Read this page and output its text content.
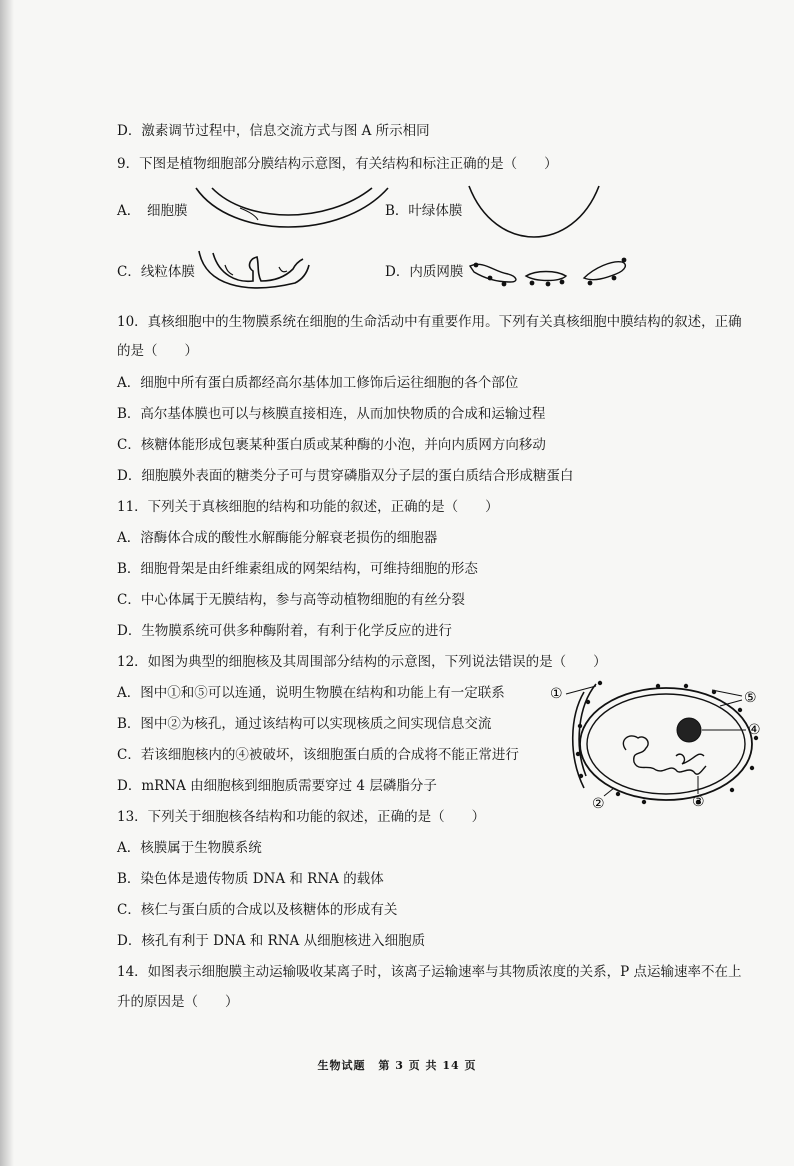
D．激素调节过程中，信息交流方式与图 A 所示相同
9．下图是植物细胞部分膜结构示意图，有关结构和标注正确的是（　　）
A．　细胞膜	B．叶绿体膜
C．线粒体膜	D．内质网膜
10．真核细胞中的生物膜系统在细胞的生命活动中有重要作用。下列有关真核细胞中膜结构的叙述，正确
的是（　　）
A．细胞中所有蛋白质都经高尔基体加工修饰后运往细胞的各个部位
B．高尔基体膜也可以与核膜直接相连，从而加快物质的合成和运输过程
C．核糖体能形成包裹某种蛋白质或某种酶的小泡，并向内质网方向移动
D．细胞膜外表面的糖类分子可与贯穿磷脂双分子层的蛋白质结合形成糖蛋白
11．下列关于真核细胞的结构和功能的叙述，正确的是（　　）
A．溶酶体合成的酸性水解酶能分解衰老损伤的细胞器
B．细胞骨架是由纤维素组成的网架结构，可维持细胞的形态
C．中心体属于无膜结构，参与高等动植物细胞的有丝分裂
D．生物膜系统可供多种酶附着，有利于化学反应的进行
12．如图为典型的细胞核及其周围部分结构的示意图，下列说法错误的是（　　）
A．图中①和⑤可以连通，说明生物膜在结构和功能上有一定联系
B．图中②为核孔，通过该结构可以实现核质之间实现信息交流
C．若该细胞核内的④被破坏，该细胞蛋白质的合成将不能正常进行
D．mRNA 由细胞核到细胞质需要穿过 4 层磷脂分子
①
②	③
④
⑤
13．下列关于细胞核各结构和功能的叙述，正确的是（　　）
A．核膜属于生物膜系统
B．染色体是遗传物质 DNA 和 RNA 的载体
C．核仁与蛋白质的合成以及核糖体的形成有关
D．核孔有利于 DNA 和 RNA 从细胞核进入细胞质
14．如图表示细胞膜主动运输吸收某离子时，该离子运输速率与其物质浓度的关系，P 点运输速率不在上
升的原因是（　　）
生物试题 第 3 页 共 14 页
